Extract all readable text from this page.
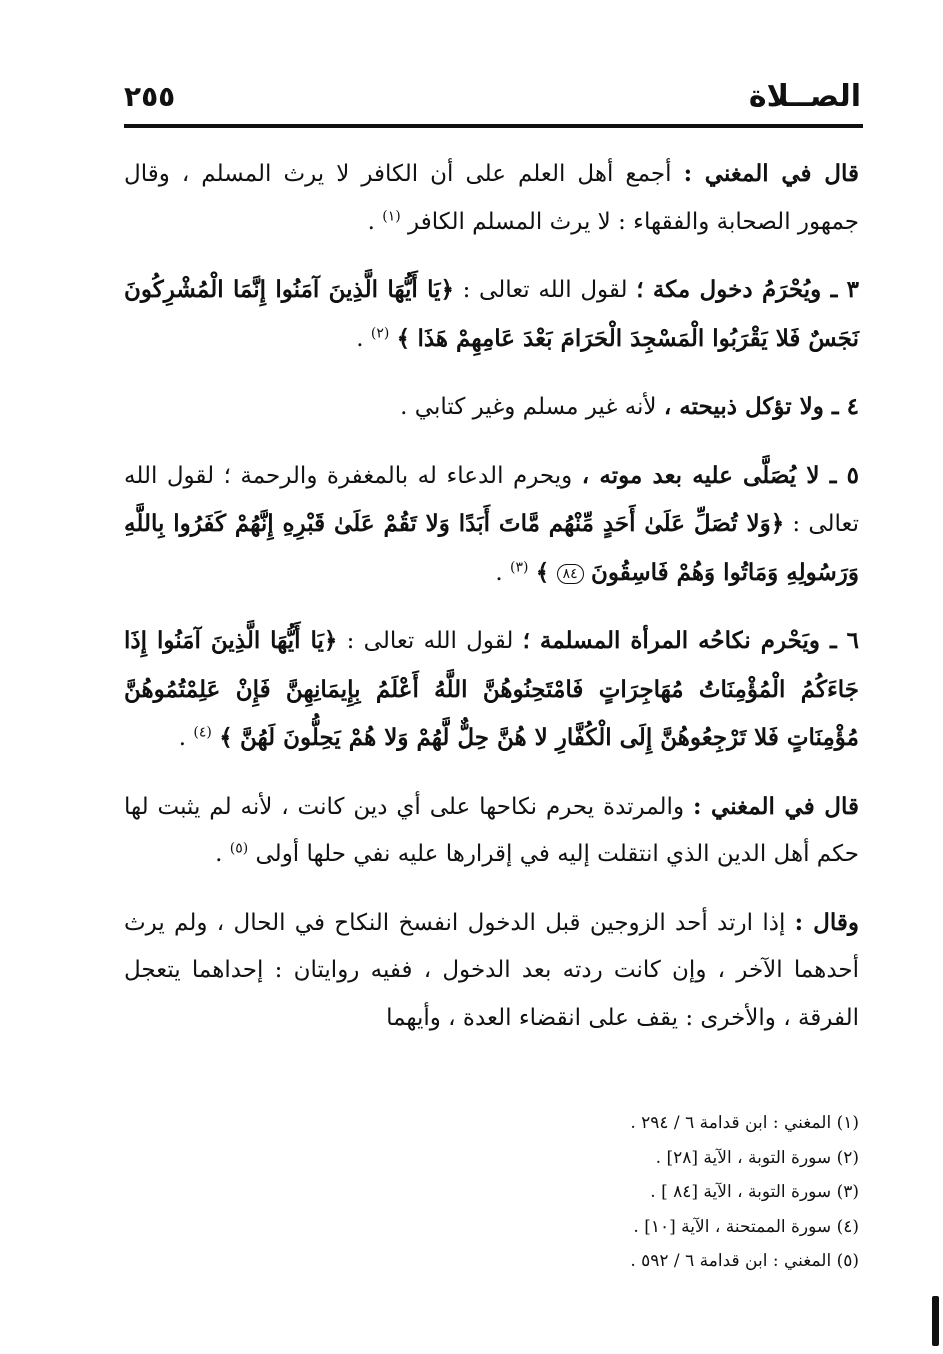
الصــلاة
٢٥٥

قال في المغني : أجمع أهل العلم على أن الكافر لا يرث المسلم ، وقال جمهور الصحابة والفقهاء : لا يرث المسلم الكافر $^{(١)}$ .

٣ ـ ويُحْرَمُ دخول مكة ؛ لقول الله تعالى : ﴿يَا أَيُّهَا الَّذِينَ آمَنُوا إِنَّمَا الْمُشْرِكُونَ نَجَسٌ فَلا يَقْرَبُوا الْمَسْجِدَ الْحَرَامَ بَعْدَ عَامِهِمْ هَذَا ﴾ $^{(٢)}$ .

٤ ـ ولا تؤكل ذبيحته ، لأنه غير مسلم وغير كتابي .

٥ ـ لا يُصَلَّى عليه بعد موته ، ويحرم الدعاء له بالمغفرة والرحمة ؛ لقول الله تعالى : ﴿وَلا تُصَلِّ عَلَىٰ أَحَدٍ مِّنْهُم مَّاتَ أَبَدًا وَلا تَقُمْ عَلَىٰ قَبْرِهِ إِنَّهُمْ كَفَرُوا بِاللَّهِ وَرَسُولِهِ وَمَاتُوا وَهُمْ فَاسِقُونَ ٨٤ ﴾ $^{(٣)}$ .

٦ ـ ويَحْرم نكاحُه المرأة المسلمة ؛ لقول الله تعالى : ﴿يَا أَيُّهَا الَّذِينَ آمَنُوا إِذَا جَاءَكُمُ الْمُؤْمِنَاتُ مُهَاجِرَاتٍ فَامْتَحِنُوهُنَّ اللَّهُ أَعْلَمُ بِإِيمَانِهِنَّ فَإِنْ عَلِمْتُمُوهُنَّ مُؤْمِنَاتٍ فَلا تَرْجِعُوهُنَّ إِلَى الْكُفَّارِ لا هُنَّ حِلٌّ لَّهُمْ وَلا هُمْ يَحِلُّونَ لَهُنَّ ﴾ $^{(٤)}$ .

قال في المغني : والمرتدة يحرم نكاحها على أي دين كانت ، لأنه لم يثبت لها حكم أهل الدين الذي انتقلت إليه في إقرارها عليه نفي حلها أولى $^{(٥)}$ .

وقال : إذا ارتد أحد الزوجين قبل الدخول انفسخ النكاح في الحال ، ولم يرث أحدهما الآخر ، وإن كانت ردته بعد الدخول ، ففيه روايتان : إحداهما يتعجل الفرقة ، والأخرى : يقف على انقضاء العدة ، وأيهما

(١) المغني : ابن قدامة ٦ / ٢٩٤ .
(٢) سورة التوبة ، الآية [٢٨] .
(٣) سورة التوبة ، الآية [٨٤ ] .
(٤) سورة الممتحنة ، الآية [١٠] .
(٥) المغني : ابن قدامة ٦ / ٥٩٢ .
